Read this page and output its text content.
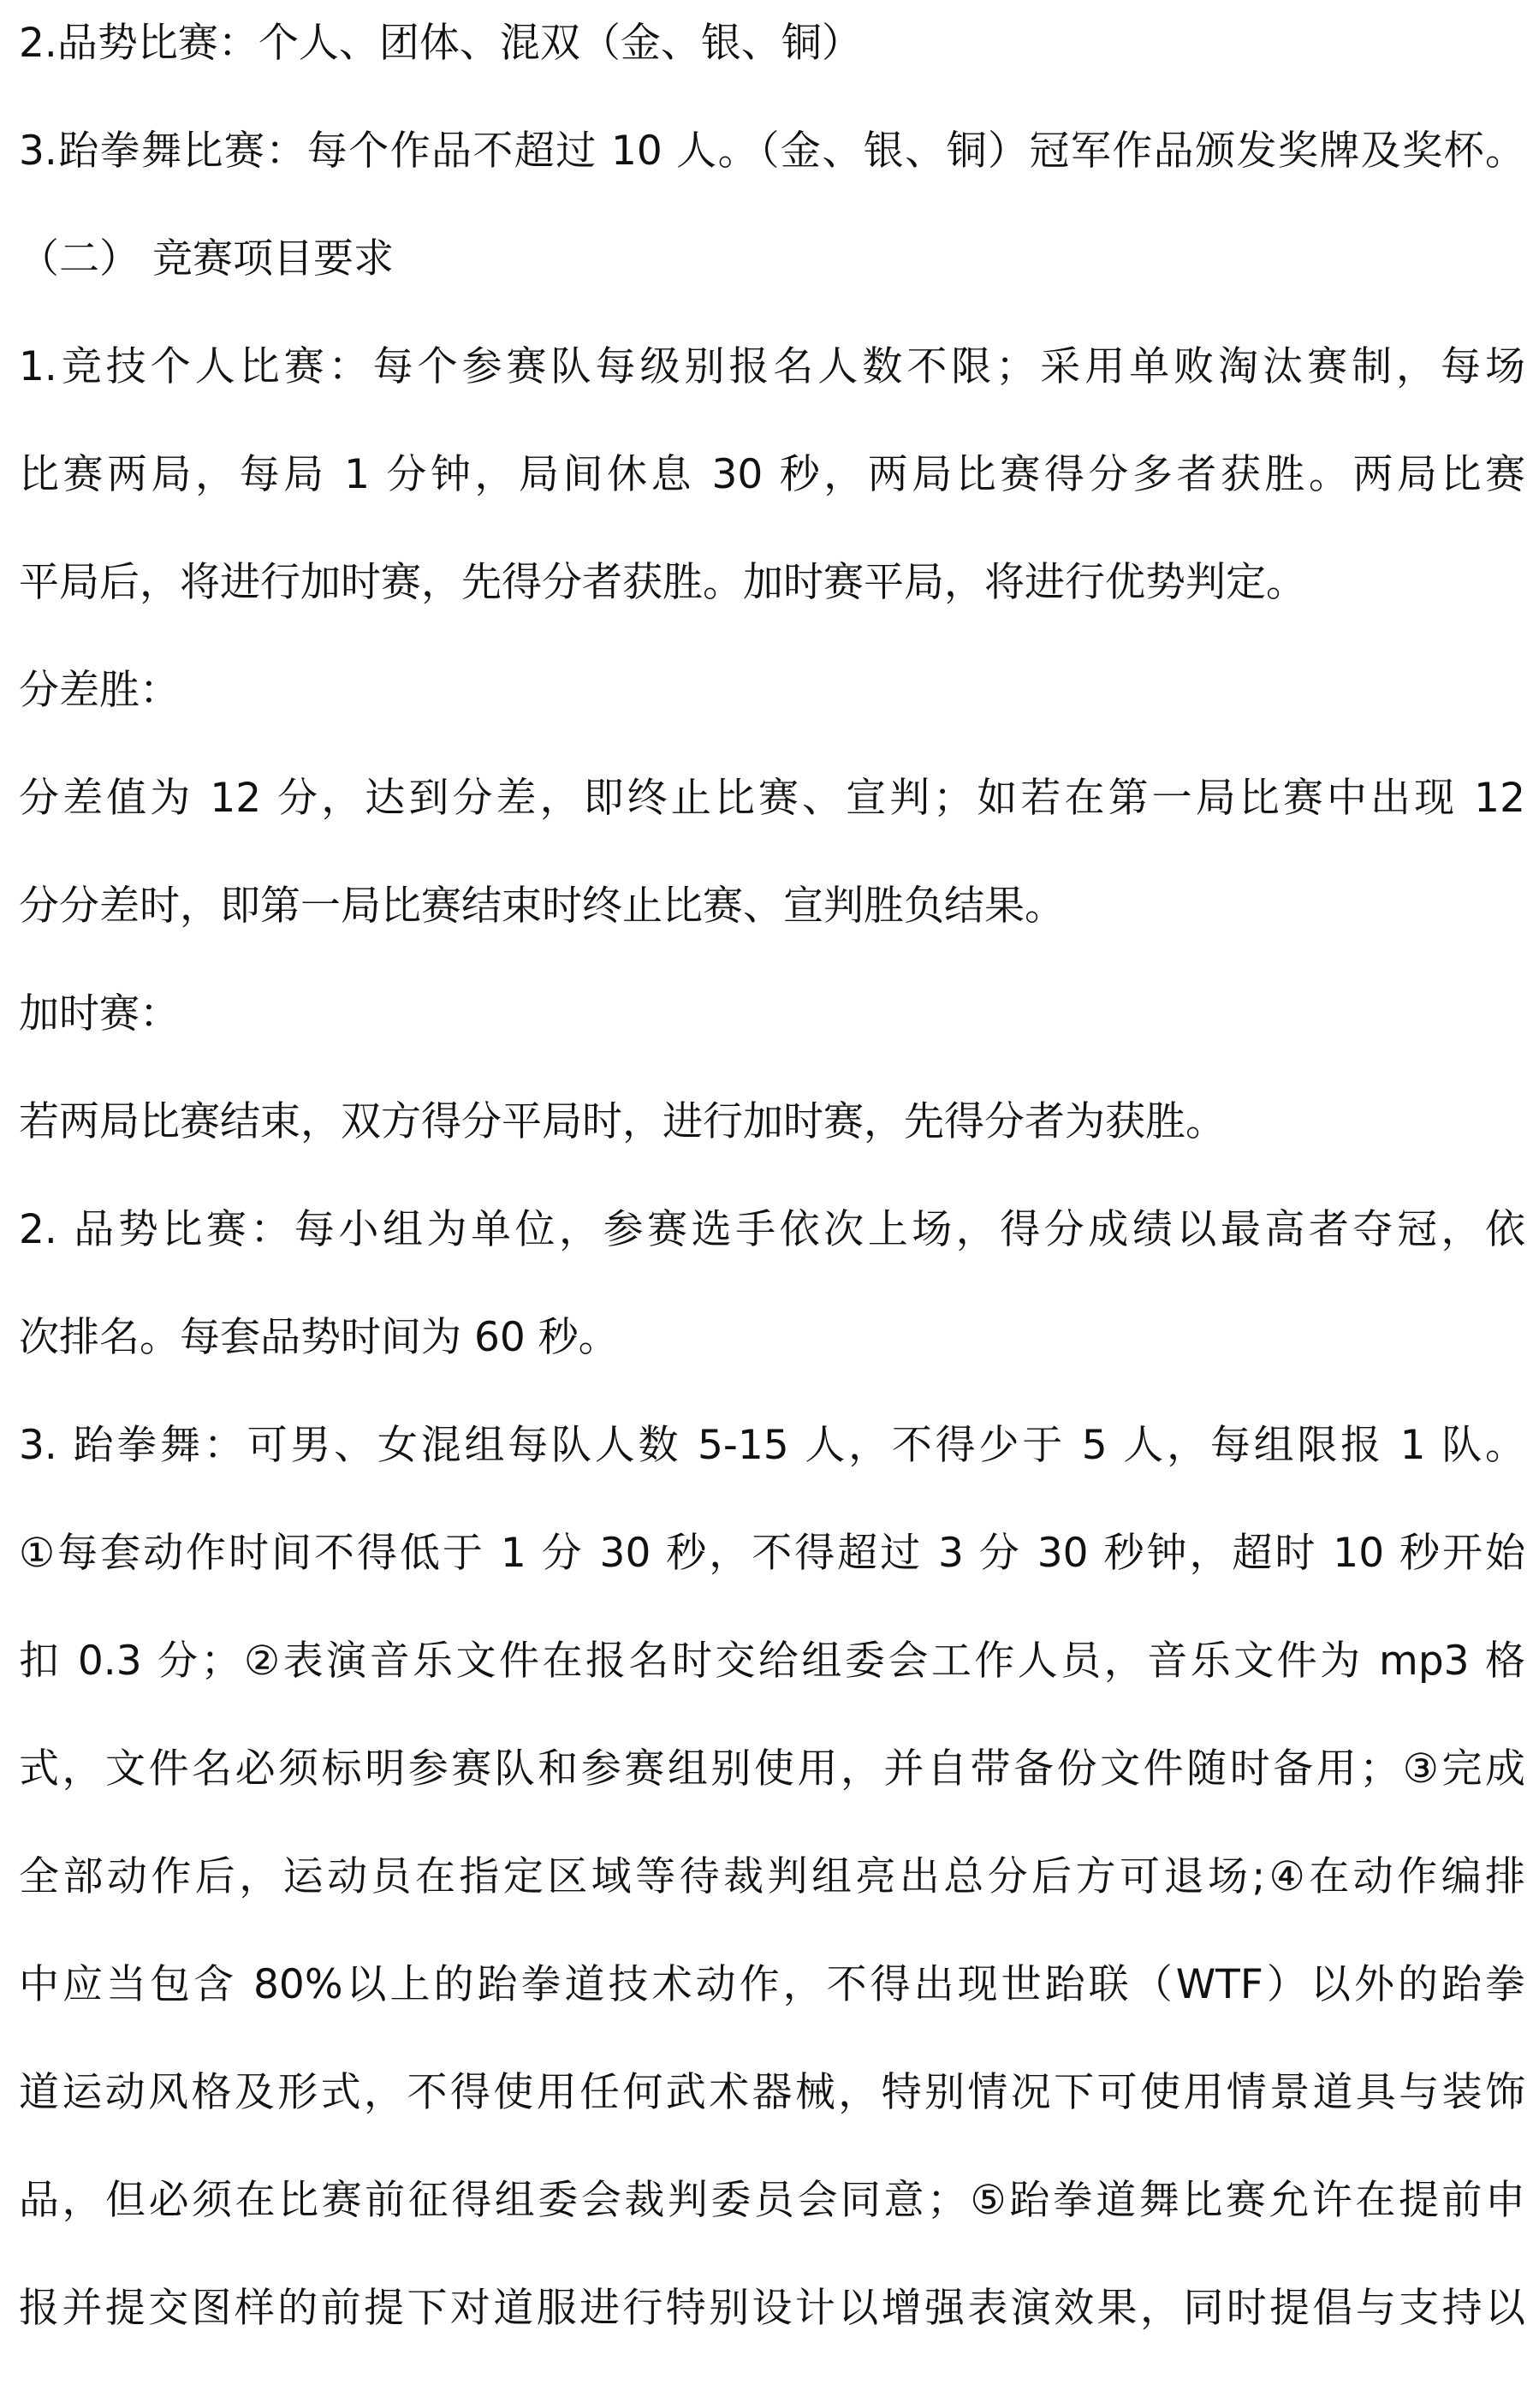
2.品势比赛：个人、团体、混双（金、银、铜）
3.跆拳舞比赛：每个作品不超过 10 人。（金、银、铜）冠军作品颁发奖牌及奖杯。
（二） 竞赛项目要求
1.竞技个人比赛：每个参赛队每级别报名人数不限；采用单败淘汰赛制，每场
比赛两局，每局 1 分钟，局间休息 30 秒，两局比赛得分多者获胜。两局比赛
平局后，将进行加时赛，先得分者获胜。加时赛平局，将进行优势判定。
分差胜：
分差值为 12 分，达到分差，即终止比赛、宣判；如若在第一局比赛中出现 12
分分差时，即第一局比赛结束时终止比赛、宣判胜负结果。
加时赛：
若两局比赛结束，双方得分平局时，进行加时赛，先得分者为获胜。
2. 品势比赛：每小组为单位，参赛选手依次上场，得分成绩以最高者夺冠，依
次排名。每套品势时间为 60 秒。
3. 跆拳舞：可男、女混组每队人数 5-15 人，不得少于 5 人，每组限报 1 队。
①每套动作时间不得低于 1 分 30 秒，不得超过 3 分 30 秒钟，超时 10 秒开始
扣 0.3 分；②表演音乐文件在报名时交给组委会工作人员，音乐文件为 mp3 格
式，文件名必须标明参赛队和参赛组别使用，并自带备份文件随时备用；③完成
全部动作后，运动员在指定区域等待裁判组亮出总分后方可退场;④在动作编排
中应当包含 80%以上的跆拳道技术动作，不得出现世跆联（WTF）以外的跆拳
道运动风格及形式，不得使用任何武术器械，特别情况下可使用情景道具与装饰
品，但必须在比赛前征得组委会裁判委员会同意；⑤跆拳道舞比赛允许在提前申
报并提交图样的前提下对道服进行特别设计以增强表演效果，同时提倡与支持以
